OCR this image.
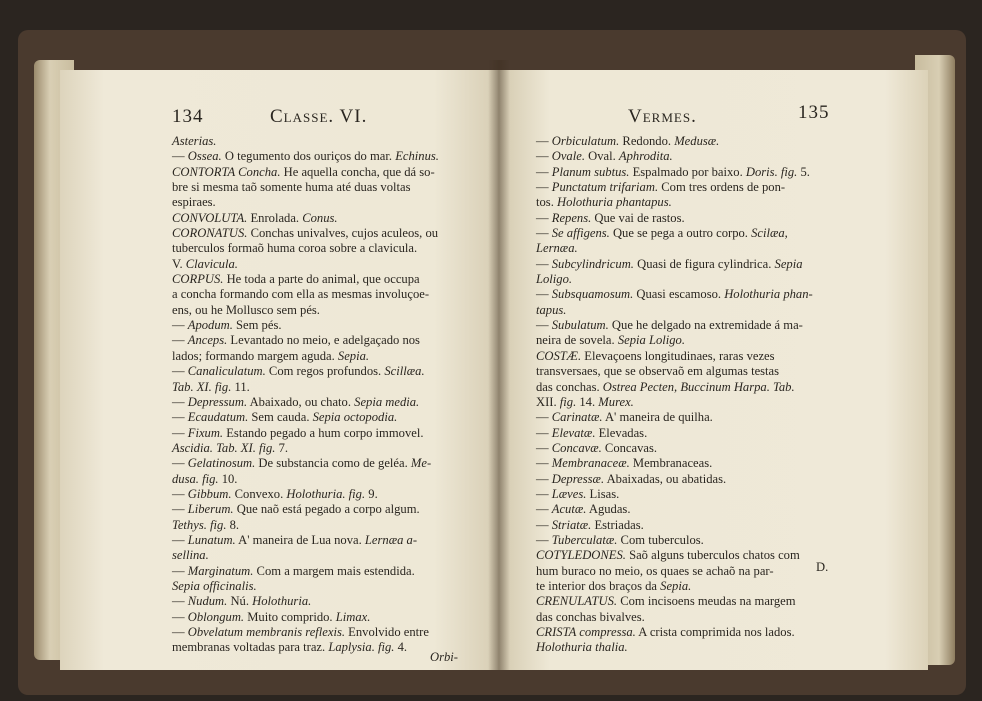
134	Classe. VI.
Asterias.
— Ossea. O tegumento dos ouriços do mar. Echinus.
CONTORTA Concha. He aquella concha, que dá so-
bre si mesma taõ somente huma até duas voltas
espiraes.
CONVOLUTA. Enrolada. Conus.
CORONATUS. Conchas univalves, cujos aculeos, ou
tuberculos formaõ huma coroa sobre a clavicula.
V. Clavicula.
CORPUS. He toda a parte do animal, que occupa
a concha formando com ella as mesmas involuçoe-
ens, ou he Mollusco sem pés.
— Apodum. Sem pés.
— Anceps. Levantado no meio, e adelgaçado nos
lados; formando margem aguda. Sepia.
— Canaliculatum. Com regos profundos. Scillæa.
Tab. XI. fig. 11.
— Depressum. Abaixado, ou chato. Sepia media.
— Ecaudatum. Sem cauda. Sepia octopodia.
— Fixum. Estando pegado a hum corpo immovel.
Ascidia. Tab. XI. fig. 7.
— Gelatinosum. De substancia como de geléa. Me-
dusa. fig. 10.
— Gibbum. Convexo. Holothuria. fig. 9.
— Liberum. Que naõ está pegado a corpo algum.
Tethys. fig. 8.
— Lunatum. A' maneira de Lua nova. Lernæa a-
sellina.
— Marginatum. Com a margem mais estendida.
Sepia officinalis.
— Nudum. Nú. Holothuria.
— Oblongum. Muito comprido. Limax.
— Obvelatum membranis reflexis. Envolvido entre
membranas voltadas para traz. Laplysia. fig. 4.
Orbi-
Vermes.	135
— Orbiculatum. Redondo. Medusæ.
— Ovale. Oval. Aphrodita.
— Planum subtus. Espalmado por baixo. Doris. fig. 5.
— Punctatum trifariam. Com tres ordens de pon-
tos. Holothuria phantapus.
— Repens. Que vai de rastos.
— Se affigens. Que se pega a outro corpo. Scilæa,
Lernæa.
— Subcylindricum. Quasi de figura cylindrica. Sepia
Loligo.
— Subsquamosum. Quasi escamoso. Holothuria phan-
tapus.
— Subulatum. Que he delgado na extremidade á ma-
neira de sovela. Sepia Loligo.
COSTÆ. Elevaçoens longitudinaes, raras vezes
transversaes, que se observaõ em algumas testas
das conchas. Ostrea Pecten, Buccinum Harpa. Tab.
XII. fig. 14. Murex.
— Carinatæ. A' maneira de quilha.
— Elevatæ. Elevadas.
— Concavæ. Concavas.
— Membranaceæ. Membranaceas.
— Depressæ. Abaixadas, ou abatidas.
— Læves. Lisas.
— Acutæ. Agudas.
— Striatæ. Estriadas.
— Tuberculatæ. Com tuberculos.
COTYLEDONES. Saõ alguns tuberculos chatos com
hum buraco no meio, os quaes se achaõ na par-
te interior dos braços da Sepia.
CRENULATUS. Com incisoens meudas na margem
das conchas bivalves.
CRISTA compressa. A crista comprimida nos lados.
Holothuria thalia.
D.
